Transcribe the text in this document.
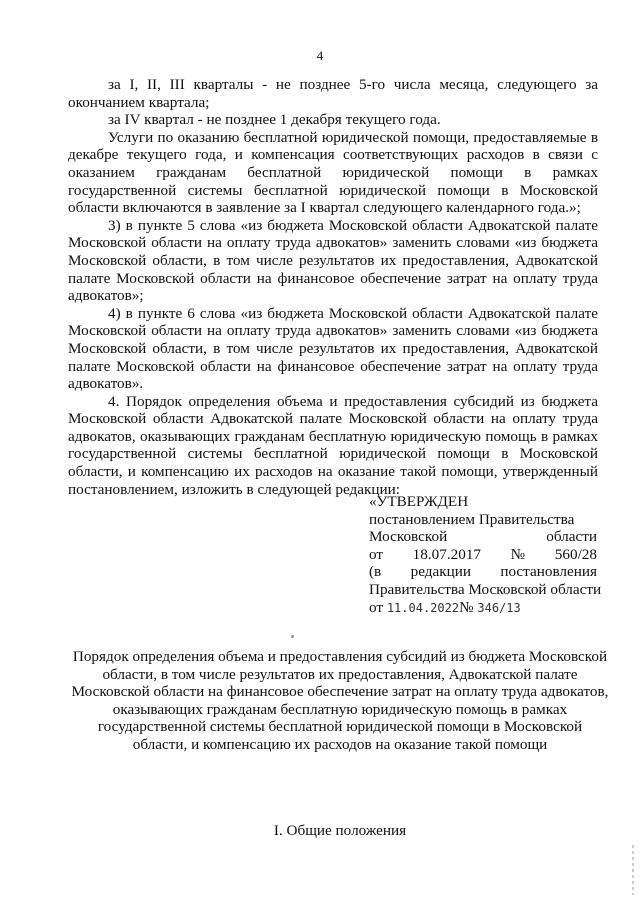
4

за I, II, III кварталы - не позднее 5-го числа месяца, следующего за окончанием квартала;

за IV квартал - не позднее 1 декабря текущего года.

Услуги по оказанию бесплатной юридической помощи, предоставляемые в декабре текущего года, и компенсация соответствующих расходов в связи с оказанием гражданам бесплатной юридической помощи в рамках государственной системы бесплатной юридической помощи в Московской области включаются в заявление за I квартал следующего календарного года.»;

3) в пункте 5 слова «из бюджета Московской области Адвокатской палате Московской области на оплату труда адвокатов» заменить словами «из бюджета Московской области, в том числе результатов их предоставления, Адвокатской палате Московской области на финансовое обеспечение затрат на оплату труда адвокатов»;

4) в пункте 6 слова «из бюджета Московской области Адвокатской палате Московской области на оплату труда адвокатов» заменить словами «из бюджета Московской области, в том числе результатов их предоставления, Адвокатской палате Московской области на финансовое обеспечение затрат на оплату труда адвокатов».

4. Порядок определения объема и предоставления субсидий из бюджета Московской области Адвокатской палате Московской области на оплату труда адвокатов, оказывающих гражданам бесплатную юридическую помощь в рамках государственной системы бесплатной юридической помощи в Московской области, и компенсацию их расходов на оказание такой помощи, утвержденный постановлением, изложить в следующей редакции:

«УТВЕРЖДЕН
постановлением Правительства
Московской	области
от 18.07.2017 № 560/28
(в редакции постановления
Правительства Московской области
от 11.04.2022№ 346/13
Порядок определения объема и предоставления субсидий из бюджета Московской области, в том числе результатов их предоставления, Адвокатской палате Московской области на финансовое обеспечение затрат на оплату труда адвокатов, оказывающих гражданам бесплатную юридическую помощь в рамках государственной системы бесплатной юридической помощи в Московской области, и компенсацию их расходов на оказание такой помощи
I. Общие положения
